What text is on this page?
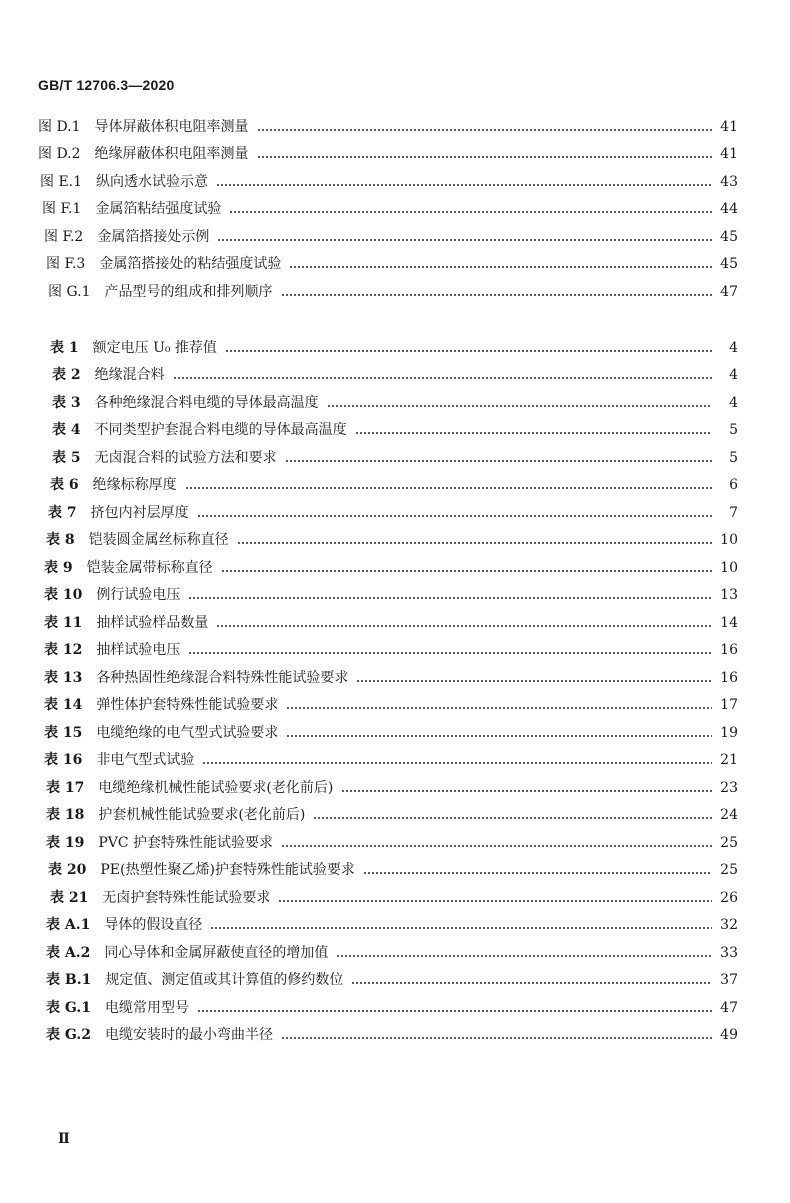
GB/T 12706.3—2020
图 D.1 导体屏蔽体积电阻率测量	41
图 D.2 绝缘屏蔽体积电阻率测量	41
图 E.1 纵向透水试验示意	43
图 F.1 金属箔粘结强度试验	44
图 F.2 金属箔搭接处示例	45
图 F.3 金属箔搭接处的粘结强度试验	45
图 G.1 产品型号的组成和排列顺序	47
表 1 额定电压 U₀ 推荐值	4
表 2 绝缘混合料	4
表 3 各种绝缘混合料电缆的导体最高温度	4
表 4 不同类型护套混合料电缆的导体最高温度	5
表 5 无卤混合料的试验方法和要求	5
表 6 绝缘标称厚度	6
表 7 挤包内衬层厚度	7
表 8 铠装圆金属丝标称直径	10
表 9 铠装金属带标称直径	10
表 10 例行试验电压	13
表 11 抽样试验样品数量	14
表 12 抽样试验电压	16
表 13 各种热固性绝缘混合料特殊性能试验要求	16
表 14 弹性体护套特殊性能试验要求	17
表 15 电缆绝缘的电气型式试验要求	19
表 16 非电气型式试验	21
表 17 电缆绝缘机械性能试验要求(老化前后)	23
表 18 护套机械性能试验要求(老化前后)	24
表 19 PVC 护套特殊性能试验要求	25
表 20 PE(热塑性聚乙烯)护套特殊性能试验要求	25
表 21 无卤护套特殊性能试验要求	26
表 A.1 导体的假设直径	32
表 A.2 同心导体和金属屏蔽使直径的增加值	33
表 B.1 规定值、测定值或其计算值的修约数位	37
表 G.1 电缆常用型号	47
表 G.2 电缆安装时的最小弯曲半径	49
Ⅱ
